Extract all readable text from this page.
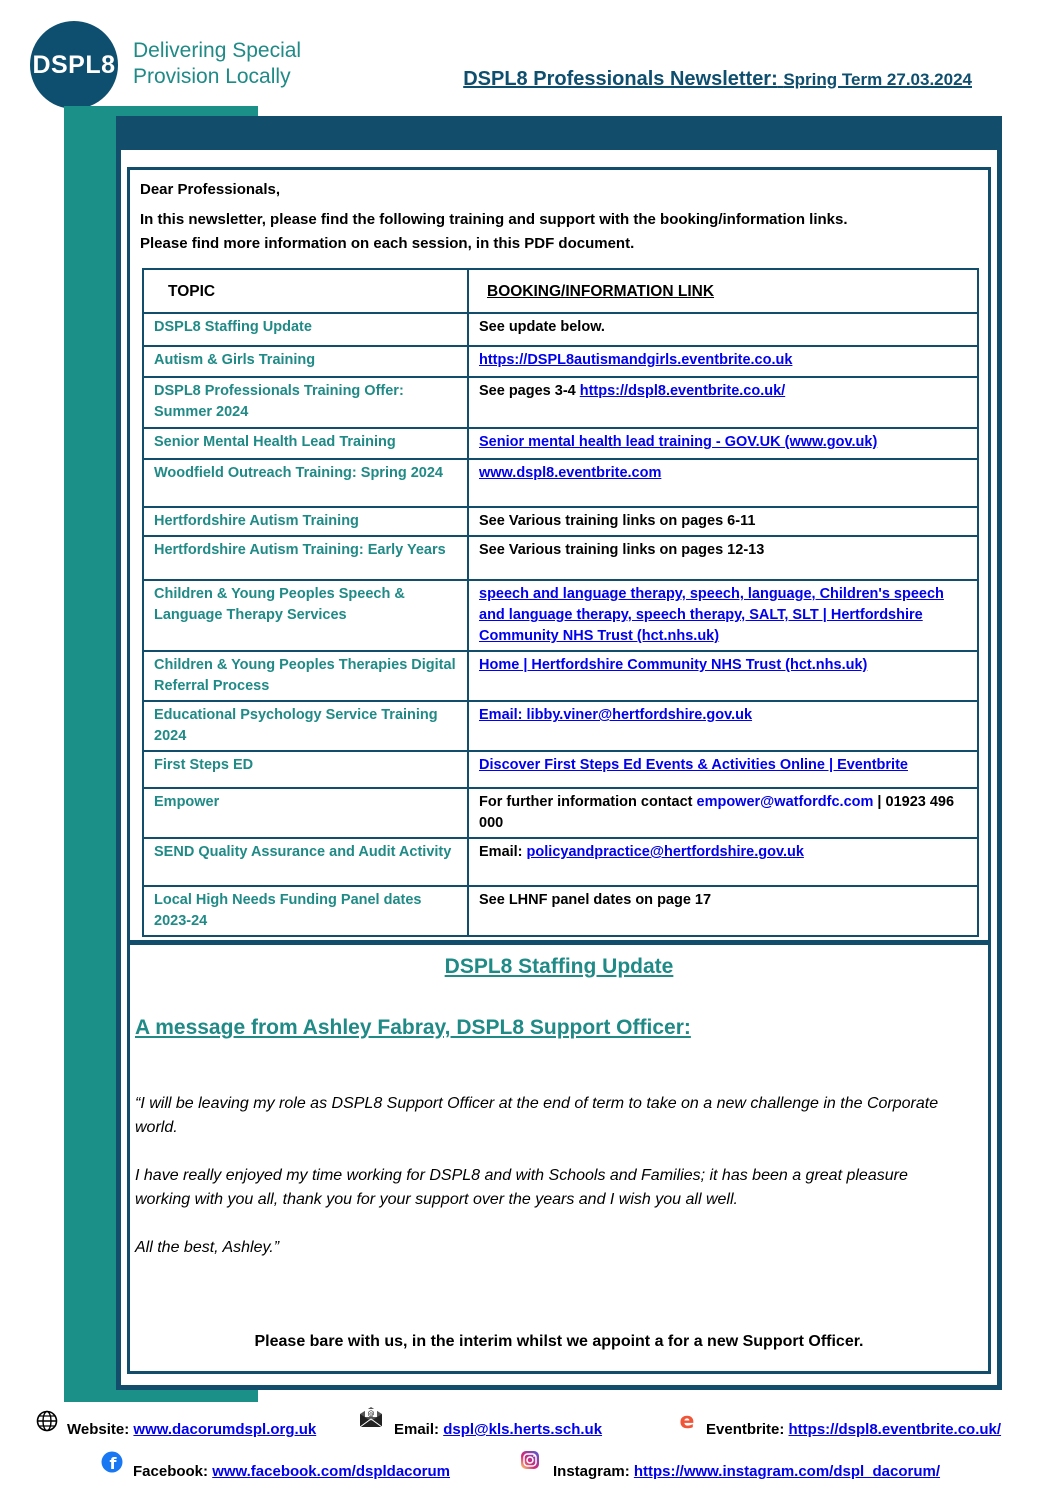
DSPL8 Delivering Special
Provision Locally	DSPL8 Professionals Newsletter: Spring Term 27.03.2024

Dear Professionals,

In this newsletter, please find the following training and support with the booking/information links.

Please find more information on each session, in this PDF document.

TOPIC	BOOKING/INFORMATION LINK
DSPL8 Staffing Update	See update below.
Autism & Girls Training	https://DSPL8autismandgirls.eventbrite.co.uk
DSPL8 Professionals Training Offer: Summer 2024	See pages 3-4 https://dspl8.eventbrite.co.uk/
Senior Mental Health Lead Training	Senior mental health lead training - GOV.UK (www.gov.uk)
Woodfield Outreach Training: Spring 2024	www.dspl8.eventbrite.com
Hertfordshire Autism Training	See Various training links on pages 6-11
Hertfordshire Autism Training: Early Years	See Various training links on pages 12-13
Children & Young Peoples Speech & Language Therapy Services	speech and language therapy, speech, language, Children's speech and language therapy, speech therapy, SALT, SLT | Hertfordshire Community NHS Trust (hct.nhs.uk)
Children & Young Peoples Therapies Digital Referral Process	Home | Hertfordshire Community NHS Trust (hct.nhs.uk)
Educational Psychology Service Training 2024	Email: libby.viner@hertfordshire.gov.uk
First Steps ED	Discover First Steps Ed Events & Activities Online | Eventbrite
Empower	For further information contact empower@watfordfc.com | 01923 496 000
SEND Quality Assurance and Audit Activity	Email: policyandpractice@hertfordshire.gov.uk
Local High Needs Funding Panel dates 2023-24	See LHNF panel dates on page 17
DSPL8 Staffing Update
A message from Ashley Fabray, DSPL8 Support Officer:

“I will be leaving my role as DSPL8 Support Officer at the end of term to take on a new challenge in the Corporate world.

I have really enjoyed my time working for DSPL8 and with Schools and Families; it has been a great pleasure working with you all, thank you for your support over the years and I wish you all well.

All the best, Ashley.”

Please bare with us, in the interim whilst we appoint a for a new Support Officer.
Website: www.dacorumdspl.org.uk
@
Email: dspl@kls.herts.sch.uk	e Eventbrite: https://dspl8.eventbrite.co.uk/
f Facebook: www.facebook.com/dspldacorum	Instagram: https://www.instagram.com/dspl_dacorum/
